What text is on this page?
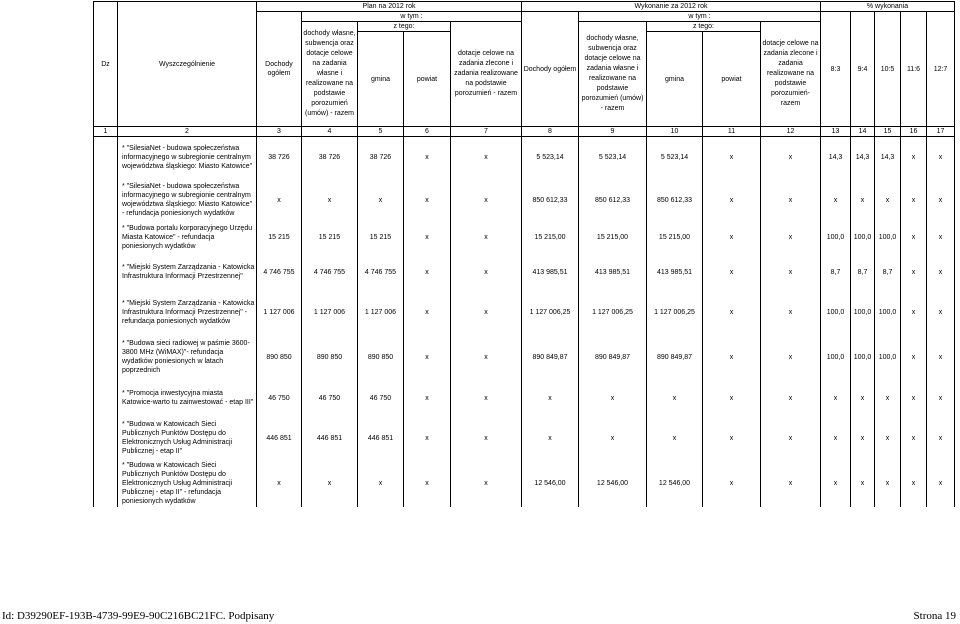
Dz	Wyszczególnienie	Plan na 2012 rok					Wykonanie za 2012 rok					% wykonania				
		Dochody ogółem	w tym :				Dochody ogółem	w tym :				8:3	9:4	10:5	11:6	12:7
			dochody własne, subwencja oraz dotacje celowe na zadania własne i realizowane na podstawie porozumień (umów) - razem	z tego:		dotacje celowe na zadania zlecone i zadania realizowane na podstawie porozumień - razem		dochody własne, subwencja oraz dotacje celowe na zadania własne i realizowane na podstawie porozumień (umów) - razem	z tego:		dotacje celowe na zadania zlecone i zadania realizowane na podstawie porozumień- razem					
				gmina	powiat				gmina	powiat						
1	2	3	4	5	6	7	8	9	10	11	12	13	14	15	16	17
	* "SilesiaNet - budowa społeczeństwa informacyjnego w subregionie centralnym województwa śląskiego: Miasto Katowice"	38 726	38 726	38 726	x	x	5 523,14	5 523,14	5 523,14	x	x	14,3	14,3	14,3	x	x
	* "SilesiaNet - budowa społeczeństwa informacyjnego w subregionie centralnym województwa śląskiego: Miasto Katowice" - refundacja poniesionych wydatków	x	x	x	x	x	850 612,33	850 612,33	850 612,33	x	x	x	x	x	x	x
	* "Budowa portalu korporacyjnego Urzędu Miasta Katowice" - refundacja poniesionych wydatków	15 215	15 215	15 215	x	x	15 215,00	15 215,00	15 215,00	x	x	100,0	100,0	100,0	x	x
	* "Miejski System Zarządzania - Katowicka Infrastruktura Informacji Przestrzennej"	4 746 755	4 746 755	4 746 755	x	x	413 985,51	413 985,51	413 985,51	x	x	8,7	8,7	8,7	x	x
	* "Miejski System Zarządzania - Katowicka Infrastruktura Informacji Przestrzennej" - refundacja poniesionych wydatków	1 127 006	1 127 006	1 127 006	x	x	1 127 006,25	1 127 006,25	1 127 006,25	x	x	100,0	100,0	100,0	x	x
	* "Budowa sieci radiowej w paśmie 3600-3800 MHz (WiMAX)"- refundacja wydatków poniesionych w latach poprzednich	890 850	890 850	890 850	x	x	890 849,87	890 849,87	890 849,87	x	x	100,0	100,0	100,0	x	x
	* "Promocja inwestycyjna miasta Katowice-warto tu zainwestować - etap III"	46 750	46 750	46 750	x	x	x	x	x	x	x	x	x	x	x	x
	* "Budowa w Katowicach Sieci Publicznych Punktów Dostępu do Elektronicznych Usług Administracji Publicznej - etap II"	446 851	446 851	446 851	x	x	x	x	x	x	x	x	x	x	x	x
	* "Budowa w Katowicach Sieci Publicznych Punktów Dostępu do Elektronicznych Usług Administracji Publicznej - etap II" - refundacja poniesionych wydatków	x	x	x	x	x	12 546,00	12 546,00	12 546,00	x	x	x	x	x	x	x
Id: D39290EF-193B-4739-99E9-90C216BC21FC. Podpisany	Strona 19
